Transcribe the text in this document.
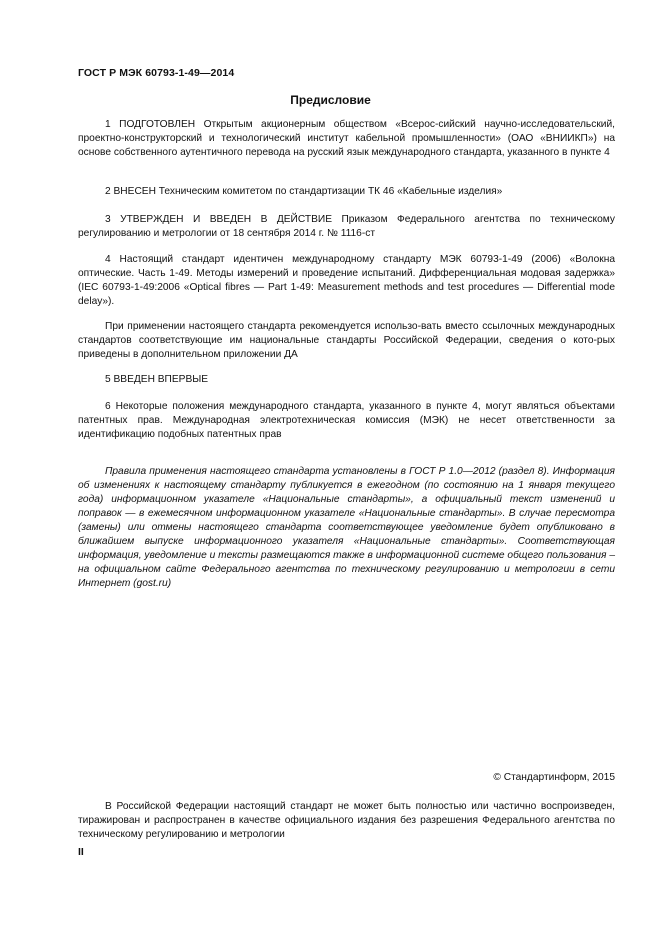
ГОСТ Р МЭК 60793-1-49—2014
Предисловие

1 ПОДГОТОВЛЕН Открытым акционерным обществом «Всерос-сийский научно-исследовательский, проектно-конструкторский и технологический институт кабельной промышленности» (ОАО «ВНИИКП») на основе собственного аутентичного перевода на русский язык международного стандарта, указанного в пункте 4

2 ВНЕСЕН Техническим комитетом по стандартизации ТК 46 «Кабельные изделия»

3 УТВЕРЖДЕН И ВВЕДЕН В ДЕЙСТВИЕ Приказом Федерального агентства по техническому регулированию и метрологии от 18 сентября 2014 г. № 1116-ст

4 Настоящий стандарт идентичен международному стандарту МЭК 60793-1-49 (2006) «Волокна оптические. Часть 1-49. Методы измерений и проведение испытаний. Дифференциальная модовая задержка» (IEC 60793-1-49:2006 «Optical fibres — Part 1-49: Measurement methods and test procedures — Differential mode delay»).

При применении настоящего стандарта рекомендуется использо-вать вместо ссылочных международных стандартов соответствующие им национальные стандарты Российской Федерации, сведения о кото-рых приведены в дополнительном приложении ДА

5 ВВЕДЕН ВПЕРВЫЕ

6 Некоторые положения международного стандарта, указанного в пункте 4, могут являться объектами патентных прав. Международная электротехническая комиссия (МЭК) не несет ответственности за идентификацию подобных патентных прав

Правила применения настоящего стандарта установлены в ГОСТ Р 1.0—2012 (раздел 8). Информация об изменениях к настоящему стандарту публикуется в ежегодном (по состоянию на 1 января текущего года) информационном указателе «Национальные стандарты», а официальный текст изменений и поправок — в ежемесячном информационном указателе «Национальные стандарты». В случае пересмотра (замены) или отмены настоящего стандарта соответствующее уведомление будет опубликовано в ближайшем выпуске информационного указателя «Национальные стандарты». Соответствующая информация, уведомление и тексты размещаются также в информационной системе общего пользования – на официальном сайте Федерального агентства по техническому регулированию и метрологии в сети Интернет (gost.ru)

© Стандартинформ, 2015

В Российской Федерации настоящий стандарт не может быть полностью или частично воспроизведен, тиражирован и распространен в качестве официального издания без разрешения Федерального агентства по техническому регулированию и метрологии

II
